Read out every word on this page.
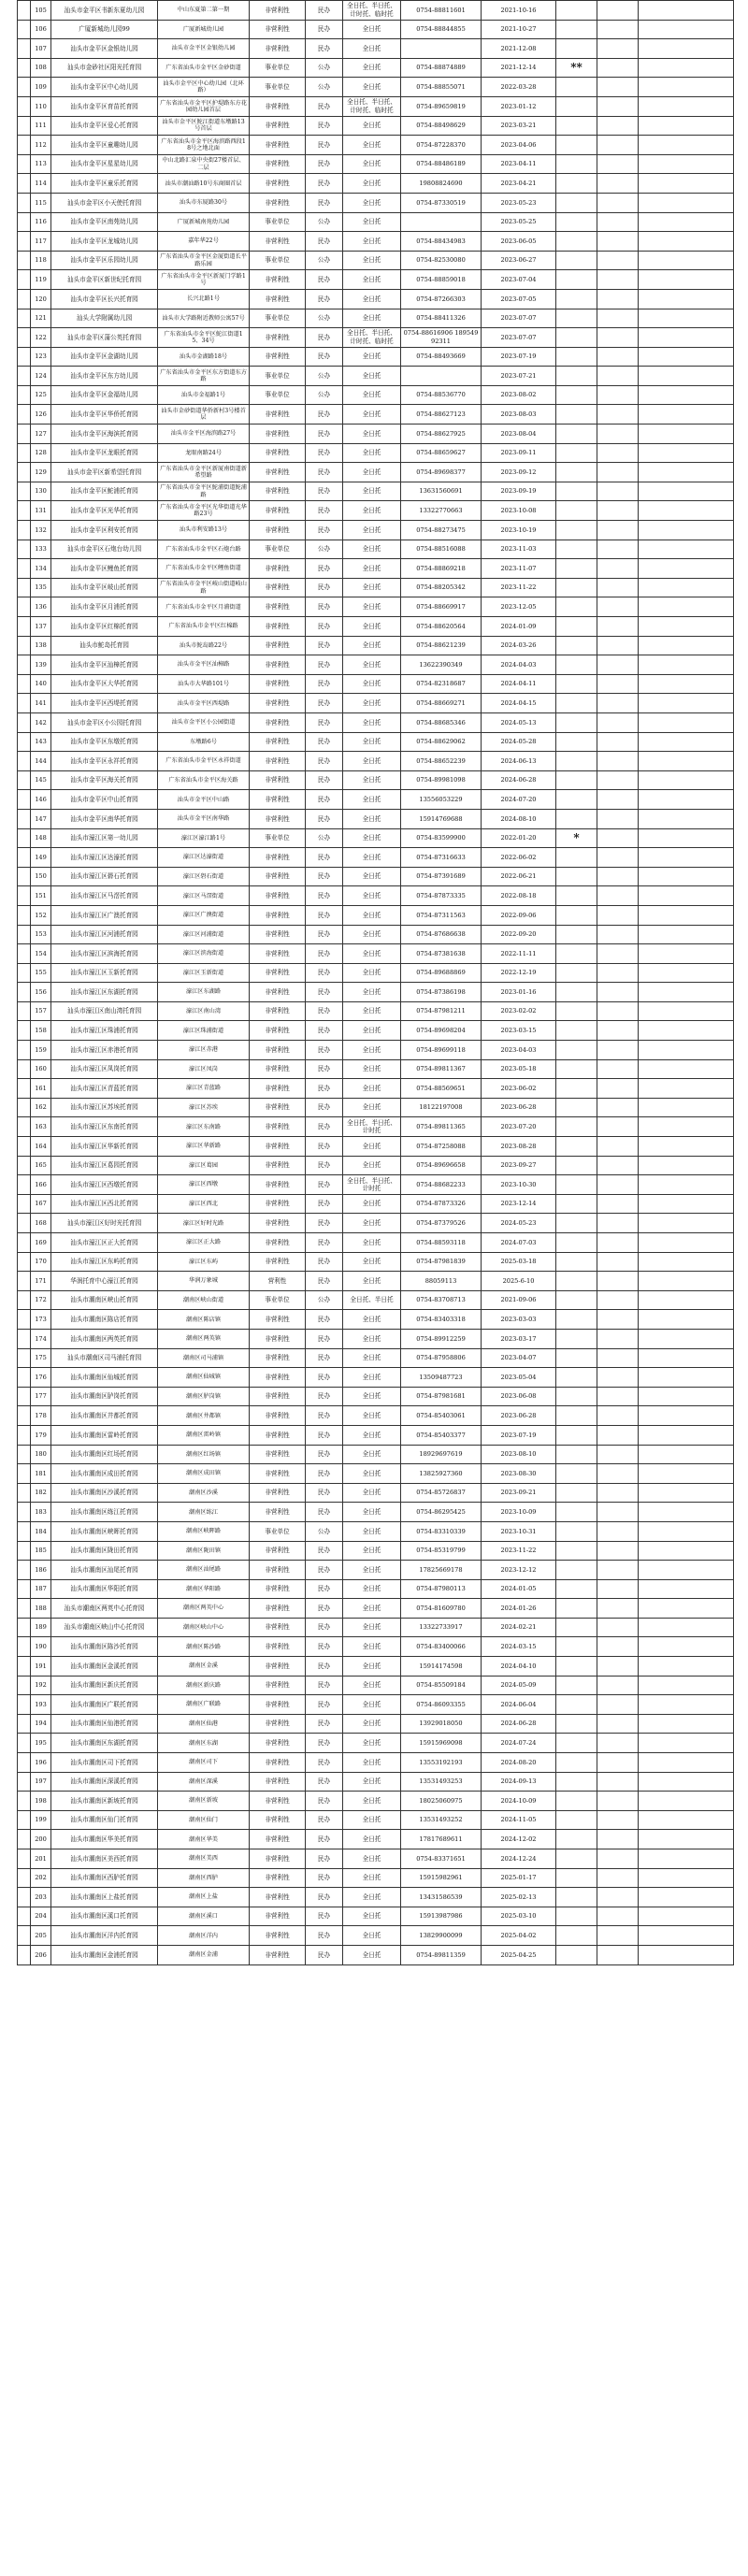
	105	汕头市金平区书新东夏幼儿园	中山东夏第二第一期	非营利性	民办	全日托、半日托、计时托、临时托	0754-88811601	2021-10-16			
	106	广厦新城幼儿园99	广厦新城幼儿园	非营利性	民办	全日托	0754-88844855	2021-10-27			
	107	汕头市金平区金银幼儿园	汕头市金平区金银幼儿园	非营利性	民办	全日托		2021-12-08			
	108	汕头市金砂社区阳光托育园	广东省汕头市金平区金砂街道	事业单位	公办	全日托	0754-88874889	2021-12-14	**		
	109	汕头市金平区中心幼儿园	汕头市金平区中心幼儿园（北环路）	事业单位	公办	全日托	0754-88855071	2022-03-28			
	110	汕头市金平区育苗托育园	广东省汕头市金平区护堤路东方花园幼儿园首层	非营利性	民办	全日托、半日托、计时托、临时托	0754-89659819	2023-01-12			
	111	汕头市金平区爱心托育园	汕头市金平区鮀江街道东墩路13号首层	非营利性	民办	全日托	0754-88498629	2023-03-21			
	112	汕头市金平区童趣幼儿园	广东省汕头市金平区海滨路西段18号之地北面	非营利性	民办	全日托	0754-87228370	2023-04-06			
	113	汕头市金平区星星幼儿园	中山北路汇泉中央街27楼首层、二层	非营利性	民办	全日托	0754-88486189	2023-04-11			
	114	汕头市金平区童乐托育园	汕头市潮汕路10号东商圈首层	非营利性	民办	全日托	19808824690	2023-04-21			
	115	汕头市金平区小天使托育园	汕头市东厦路30号	非营利性	民办	全日托	0754-87330519	2023-05-23			
	116	汕头市金平区南苑幼儿园	广厦新城南苑幼儿园	事业单位	公办	全日托		2023-05-25			
	117	汕头市金平区龙城幼儿园	嘉年华22号	非营利性	民办	全日托	0754-88434983	2023-06-05			
	118	汕头市金平区乐园幼儿园	广东省汕头市金平区金厦街道长平路乐园	事业单位	公办	全日托	0754-82530080	2023-06-27			
	119	汕头市金平区新世纪托育园	广东省汕头市金平区新厦门学路1号	非营利性	民办	全日托	0754-88859018	2023-07-04			
	120	汕头市金平区长兴托育园	长兴北路1号	非营利性	民办	全日托	0754-87266303	2023-07-05			
	121	汕头大学附属幼儿园	汕头市大学路附近教师公寓57号	事业单位	公办	全日托	0754-88411326	2023-07-07			
	122	汕头市金平区蒲公英托育园	广东省汕头市金平区鮀江街道15、34号	非营利性	民办	全日托、半日托、计时托、临时托	0754-88616906 18954992311	2023-07-07			
	123	汕头市金平区金湖幼儿园	汕头市金湖路18号	非营利性	民办	全日托	0754-88493669	2023-07-19			
	124	汕头市金平区东方幼儿园	广东省汕头市金平区东方街道东方路	事业单位	公办	全日托		2023-07-21			
	125	汕头市金平区金福幼儿园	汕头市金福路1号	事业单位	公办	全日托	0754-88536770	2023-08-02			
	126	汕头市金平区华侨托育园	汕头市金砂街道华侨新村3号楼首层	非营利性	民办	全日托	0754-88627123	2023-08-03			
	127	汕头市金平区海滨托育园	汕头市金平区海滨路27号	非营利性	民办	全日托	0754-88627925	2023-08-04			
	128	汕头市金平区龙眼托育园	龙眼南路24号	非营利性	民办	全日托	0754-88659627	2023-09-11			
	129	汕头市金平区新希望托育园	广东省汕头市金平区新厦南街道新希望路	非营利性	民办	全日托	0754-89698377	2023-09-12			
	130	汕头市金平区鮀浦托育园	广东省汕头市金平区鮀浦街道鮀浦路	非营利性	民办	全日托	13631560691	2023-09-19			
	131	汕头市金平区光华托育园	广东省汕头市金平区光华街道光华路23号	非营利性	民办	全日托	13322770663	2023-10-08			
	132	汕头市金平区利安托育园	汕头市利安路13号	非营利性	民办	全日托	0754-88273475	2023-10-19			
	133	汕头市金平区石炮台幼儿园	广东省汕头市金平区石炮台路	事业单位	公办	全日托	0754-88516088	2023-11-03			
	134	汕头市金平区鲤鱼托育园	广东省汕头市金平区鲤鱼街道	非营利性	民办	全日托	0754-88869218	2023-11-07			
	135	汕头市金平区岐山托育园	广东省汕头市金平区岐山街道岐山路	非营利性	民办	全日托	0754-88205342	2023-11-22			
	136	汕头市金平区月浦托育园	广东省汕头市金平区月浦街道	非营利性	民办	全日托	0754-88669917	2023-12-05			
	137	汕头市金平区红棉托育园	广东省汕头市金平区红棉路	非营利性	民办	全日托	0754-88620564	2024-01-09			
	138	汕头市鮀岛托育园	汕头市鮀岛路22号	非营利性	民办	全日托	0754-88621239	2024-03-26			
	139	汕头市金平区汕樟托育园	汕头市金平区汕樟路	非营利性	民办	全日托	13622390349	2024-04-03			
	140	汕头市金平区大华托育园	汕头市大华路101号	非营利性	民办	全日托	0754-82318687	2024-04-11			
	141	汕头市金平区西堤托育园	汕头市金平区西堤路	非营利性	民办	全日托	0754-88669271	2024-04-15			
	142	汕头市金平区小公园托育园	汕头市金平区小公园街道	非营利性	民办	全日托	0754-88685346	2024-05-13			
	143	汕头市金平区东墩托育园	东墩路6号	非营利性	民办	全日托	0754-88629062	2024-05-28			
	144	汕头市金平区永祥托育园	广东省汕头市金平区永祥街道	非营利性	民办	全日托	0754-88652239	2024-06-13			
	145	汕头市金平区海关托育园	广东省汕头市金平区海关路	非营利性	民办	全日托	0754-89981098	2024-06-28			
	146	汕头市金平区中山托育园	汕头市金平区中山路	非营利性	民办	全日托	13556053229	2024-07-20			
	147	汕头市金平区南华托育园	汕头市金平区南华路	非营利性	民办	全日托	15914769688	2024-08-10			
	148	汕头市濠江区第一幼儿园	濠江区濠江路1号	事业单位	公办	全日托	0754-83599900	2022-01-20	*		
	149	汕头市濠江区达濠托育园	濠江区达濠街道	非营利性	民办	全日托	0754-87316633	2022-06-02			
	150	汕头市濠江区礐石托育园	濠江区礐石街道	非营利性	民办	全日托	0754-87391689	2022-06-21			
	151	汕头市濠江区马滘托育园	濠江区马滘街道	非营利性	民办	全日托	0754-87873335	2022-08-18			
	152	汕头市濠江区广澳托育园	濠江区广澳街道	非营利性	民办	全日托	0754-87311563	2022-09-06			
	153	汕头市濠江区河浦托育园	濠江区河浦街道	非营利性	民办	全日托	0754-87686638	2022-09-20			
	154	汕头市濠江区滨海托育园	濠江区滨海街道	非营利性	民办	全日托	0754-87381638	2022-11-11			
	155	汕头市濠江区玉新托育园	濠江区玉新街道	非营利性	民办	全日托	0754-89688869	2022-12-19			
	156	汕头市濠江区东湖托育园	濠江区东湖路	非营利性	民办	全日托	0754-87386198	2023-01-16			
	157	汕头市濠江区南山湾托育园	濠江区南山湾	非营利性	民办	全日托	0754-87981211	2023-02-02			
	158	汕头市濠江区珠浦托育园	濠江区珠浦街道	非营利性	民办	全日托	0754-89698204	2023-03-15			
	159	汕头市濠江区赤港托育园	濠江区赤港	非营利性	民办	全日托	0754-89699118	2023-04-03			
	160	汕头市濠江区凤岗托育园	濠江区凤岗	非营利性	民办	全日托	0754-89811367	2023-05-18			
	161	汕头市濠江区青蓝托育园	濠江区青蓝路	非营利性	民办	全日托	0754-88569651	2023-06-02			
	162	汕头市濠江区苏埃托育园	濠江区苏埃	非营利性	民办	全日托	18122197008	2023-06-28			
	163	汕头市濠江区东南托育园	濠江区东南路	非营利性	民办	全日托、半日托、计时托	0754-89811365	2023-07-20			
	164	汕头市濠江区华新托育园	濠江区华新路	非营利性	民办	全日托	0754-87258088	2023-08-28			
	165	汕头市濠江区葛园托育园	濠江区葛园	非营利性	民办	全日托	0754-89696658	2023-09-27			
	166	汕头市濠江区西墩托育园	濠江区西墩	非营利性	民办	全日托、半日托、计时托	0754-88682233	2023-10-30			
	167	汕头市濠江区西北托育园	濠江区西北	非营利性	民办	全日托	0754-87873326	2023-12-14			
	168	汕头市濠江区好时光托育园	濠江区好时光路	非营利性	民办	全日托	0754-87379526	2024-05-23			
	169	汕头市濠江区正大托育园	濠江区正大路	非营利性	民办	全日托	0754-88593118	2024-07-03			
	170	汕头市濠江区东屿托育园	濠江区东屿	非营利性	民办	全日托	0754-87981839	2025-03-18			
	171	华润托育中心濠江托育园	华润万象城	营利性	民办	全日托	88059113	2025-6-10			
	172	汕头市潮南区峡山托育园	潮南区峡山街道	事业单位	公办	全日托、半日托	0754-83708713	2021-09-06			
	173	汕头市潮南区陈店托育园	潮南区陈店镇	非营利性	民办	全日托	0754-83403318	2023-03-03			
	174	汕头市潮南区两英托育园	潮南区两英镇	非营利性	民办	全日托	0754-89912259	2023-03-17			
	175	汕头市潮南区司马浦托育园	潮南区司马浦镇	非营利性	民办	全日托	0754-87958806	2023-04-07			
	176	汕头市潮南区仙城托育园	潮南区仙城镇	非营利性	民办	全日托	13509487723	2023-05-04			
	177	汕头市潮南区胪岗托育园	潮南区胪岗镇	非营利性	民办	全日托	0754-87981681	2023-06-08			
	178	汕头市潮南区井都托育园	潮南区井都镇	非营利性	民办	全日托	0754-85403061	2023-06-28			
	179	汕头市潮南区雷岭托育园	潮南区雷岭镇	非营利性	民办	全日托	0754-85403377	2023-07-19			
	180	汕头市潮南区红场托育园	潮南区红场镇	非营利性	民办	全日托	18929697619	2023-08-10			
	181	汕头市潮南区成田托育园	潮南区成田镇	非营利性	民办	全日托	13825927360	2023-08-30			
	182	汕头市潮南区沙溪托育园	潮南区沙溪	非营利性	民办	全日托	0754-85726837	2023-09-21			
	183	汕头市潮南区练江托育园	潮南区练江	非营利性	民办	全日托	0754-86295425	2023-10-09			
	184	汕头市潮南区峡晖托育园	潮南区峡晖路	事业单位	公办	全日托	0754-83310339	2023-10-31			
	185	汕头市潮南区陇田托育园	潮南区陇田镇	非营利性	民办	全日托	0754-85319799	2023-11-22			
	186	汕头市潮南区汕尾托育园	潮南区汕尾路	非营利性	民办	全日托	17825669178	2023-12-12			
	187	汕头市潮南区华阳托育园	潮南区华阳路	非营利性	民办	全日托	0754-87980113	2024-01-05			
	188	汕头市潮南区两英中心托育园	潮南区两英中心	非营利性	民办	全日托	0754-81609780	2024-01-26			
	189	汕头市潮南区峡山中心托育园	潮南区峡山中心	非营利性	民办	全日托	13322733917	2024-02-21			
	190	汕头市潮南区陈沙托育园	潮南区陈沙路	非营利性	民办	全日托	0754-83400066	2024-03-15			
	191	汕头市潮南区金溪托育园	潮南区金溪	非营利性	民办	全日托	15914174598	2024-04-10			
	192	汕头市潮南区新庆托育园	潮南区新庆路	非营利性	民办	全日托	0754-85509184	2024-05-09			
	193	汕头市潮南区广联托育园	潮南区广联路	非营利性	民办	全日托	0754-86093355	2024-06-04			
	194	汕头市潮南区仙港托育园	潮南区仙港	非营利性	民办	全日托	13929018050	2024-06-28			
	195	汕头市潮南区东湖托育园	潮南区东湖	非营利性	民办	全日托	15915969098	2024-07-24			
	196	汕头市潮南区司下托育园	潮南区司下	非营利性	民办	全日托	13553192193	2024-08-20			
	197	汕头市潮南区深溪托育园	潮南区深溪	非营利性	民办	全日托	13531493253	2024-09-13			
	198	汕头市潮南区新坡托育园	潮南区新坡	非营利性	民办	全日托	18025060975	2024-10-09			
	199	汕头市潮南区仙门托育园	潮南区仙门	非营利性	民办	全日托	13531493252	2024-11-05			
	200	汕头市潮南区华美托育园	潮南区华美	非营利性	民办	全日托	17817689611	2024-12-02			
	201	汕头市潮南区美西托育园	潮南区美西	非营利性	民办	全日托	0754-83371651	2024-12-24			
	202	汕头市潮南区西胪托育园	潮南区西胪	非营利性	民办	全日托	15915982961	2025-01-17			
	203	汕头市潮南区上盐托育园	潮南区上盐	非营利性	民办	全日托	13431586539	2025-02-13			
	204	汕头市潮南区溪口托育园	潮南区溪口	非营利性	民办	全日托	15913987986	2025-03-10			
	205	汕头市潮南区洋内托育园	潮南区洋内	非营利性	民办	全日托	13829900099	2025-04-02			
	206	汕头市潮南区金浦托育园	潮南区金浦	非营利性	民办	全日托	0754-89811359	2025-04-25			
